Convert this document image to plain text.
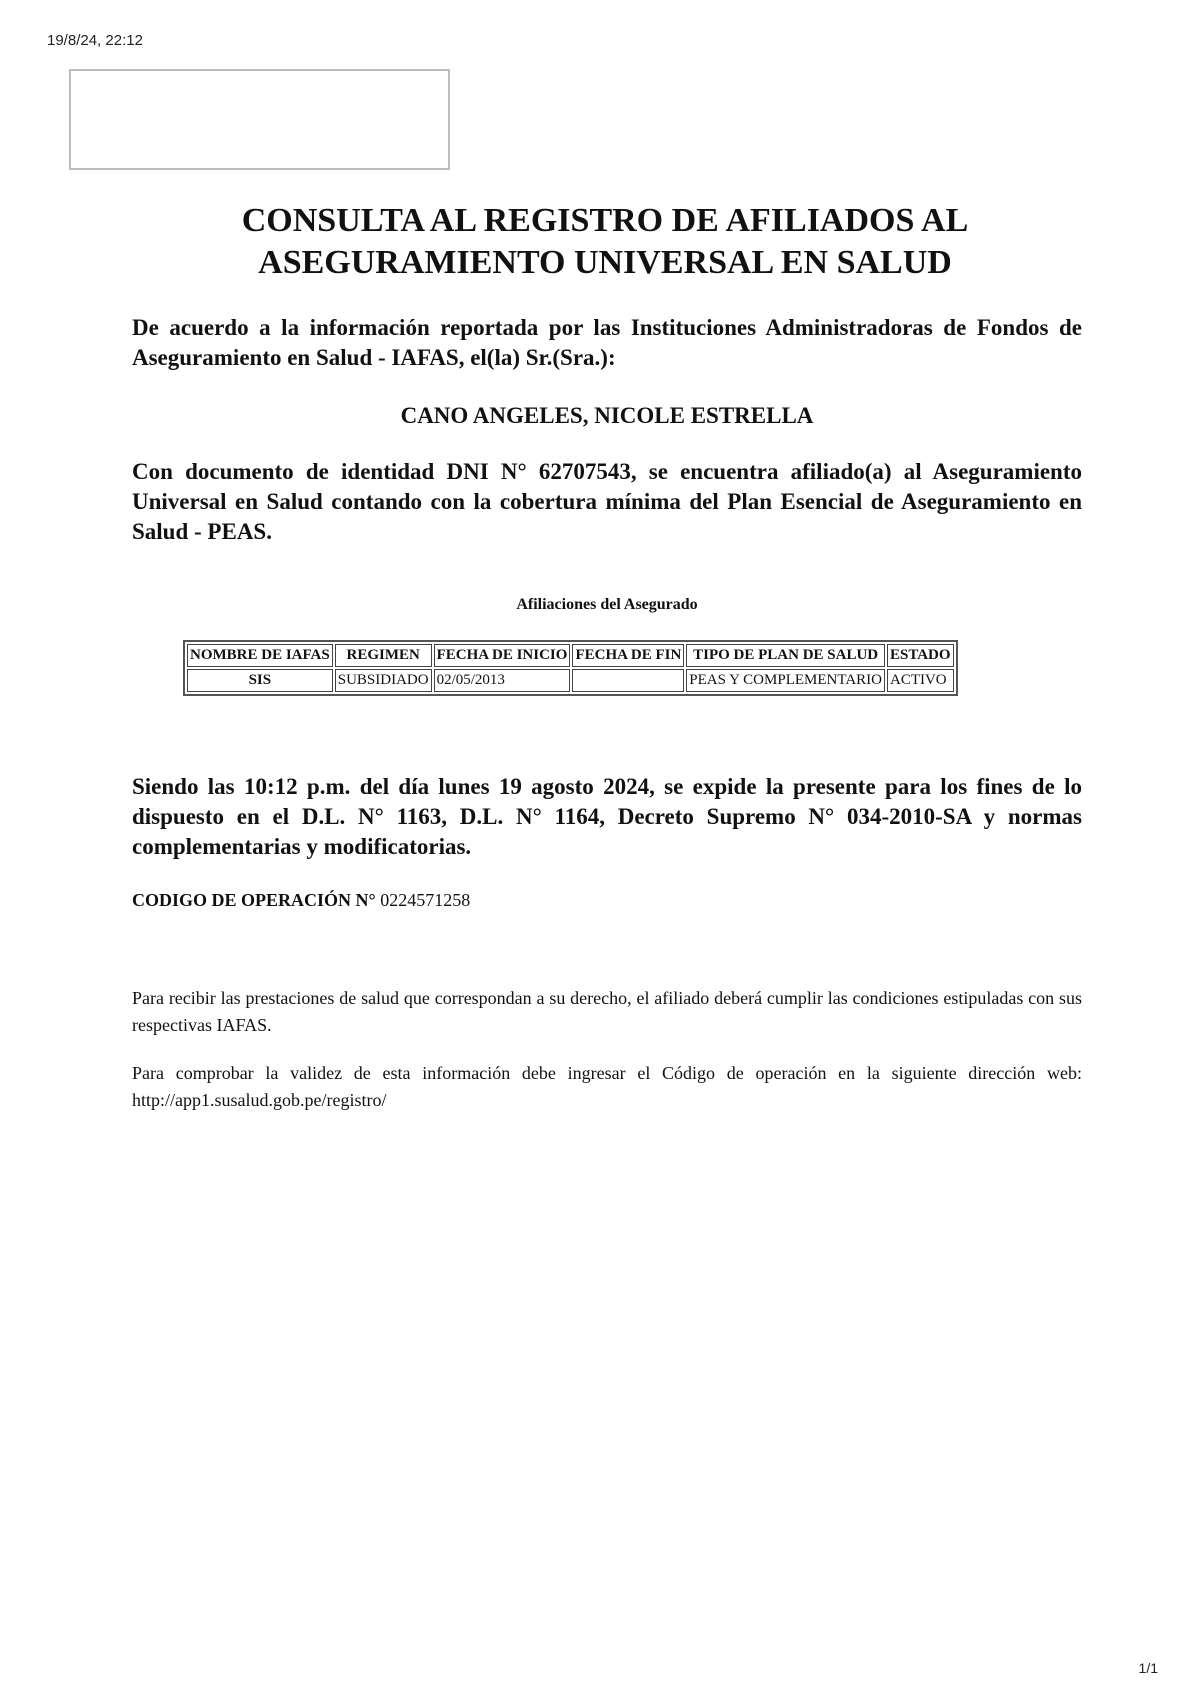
19/8/24, 22:12
CONSULTA AL REGISTRO DE AFILIADOS AL
ASEGURAMIENTO UNIVERSAL EN SALUD
De acuerdo a la información reportada por las Instituciones Administradoras de Fondos de Aseguramiento en Salud - IAFAS, el(la) Sr.(Sra.):
CANO ANGELES, NICOLE ESTRELLA
Con documento de identidad DNI N° 62707543, se encuentra afiliado(a) al Aseguramiento Universal en Salud contando con la cobertura mínima del Plan Esencial de Aseguramiento en Salud - PEAS.
Afiliaciones del Asegurado
NOMBRE DE IAFAS	REGIMEN	FECHA DE INICIO	FECHA DE FIN	TIPO DE PLAN DE SALUD	ESTADO
SIS	SUBSIDIADO	02/05/2013		PEAS Y COMPLEMENTARIO	ACTIVO
Siendo las 10:12 p.m. del día lunes 19 agosto 2024, se expide la presente para los fines de lo dispuesto en el D.L. N° 1163, D.L. N° 1164, Decreto Supremo N° 034-2010-SA y normas complementarias y modificatorias.
CODIGO DE OPERACIÓN N° 0224571258
Para recibir las prestaciones de salud que correspondan a su derecho, el afiliado deberá cumplir las condiciones estipuladas con sus respectivas IAFAS.
Para comprobar la validez de esta información debe ingresar el Código de operación en la siguiente dirección web: http://app1.susalud.gob.pe/registro/
1/1
